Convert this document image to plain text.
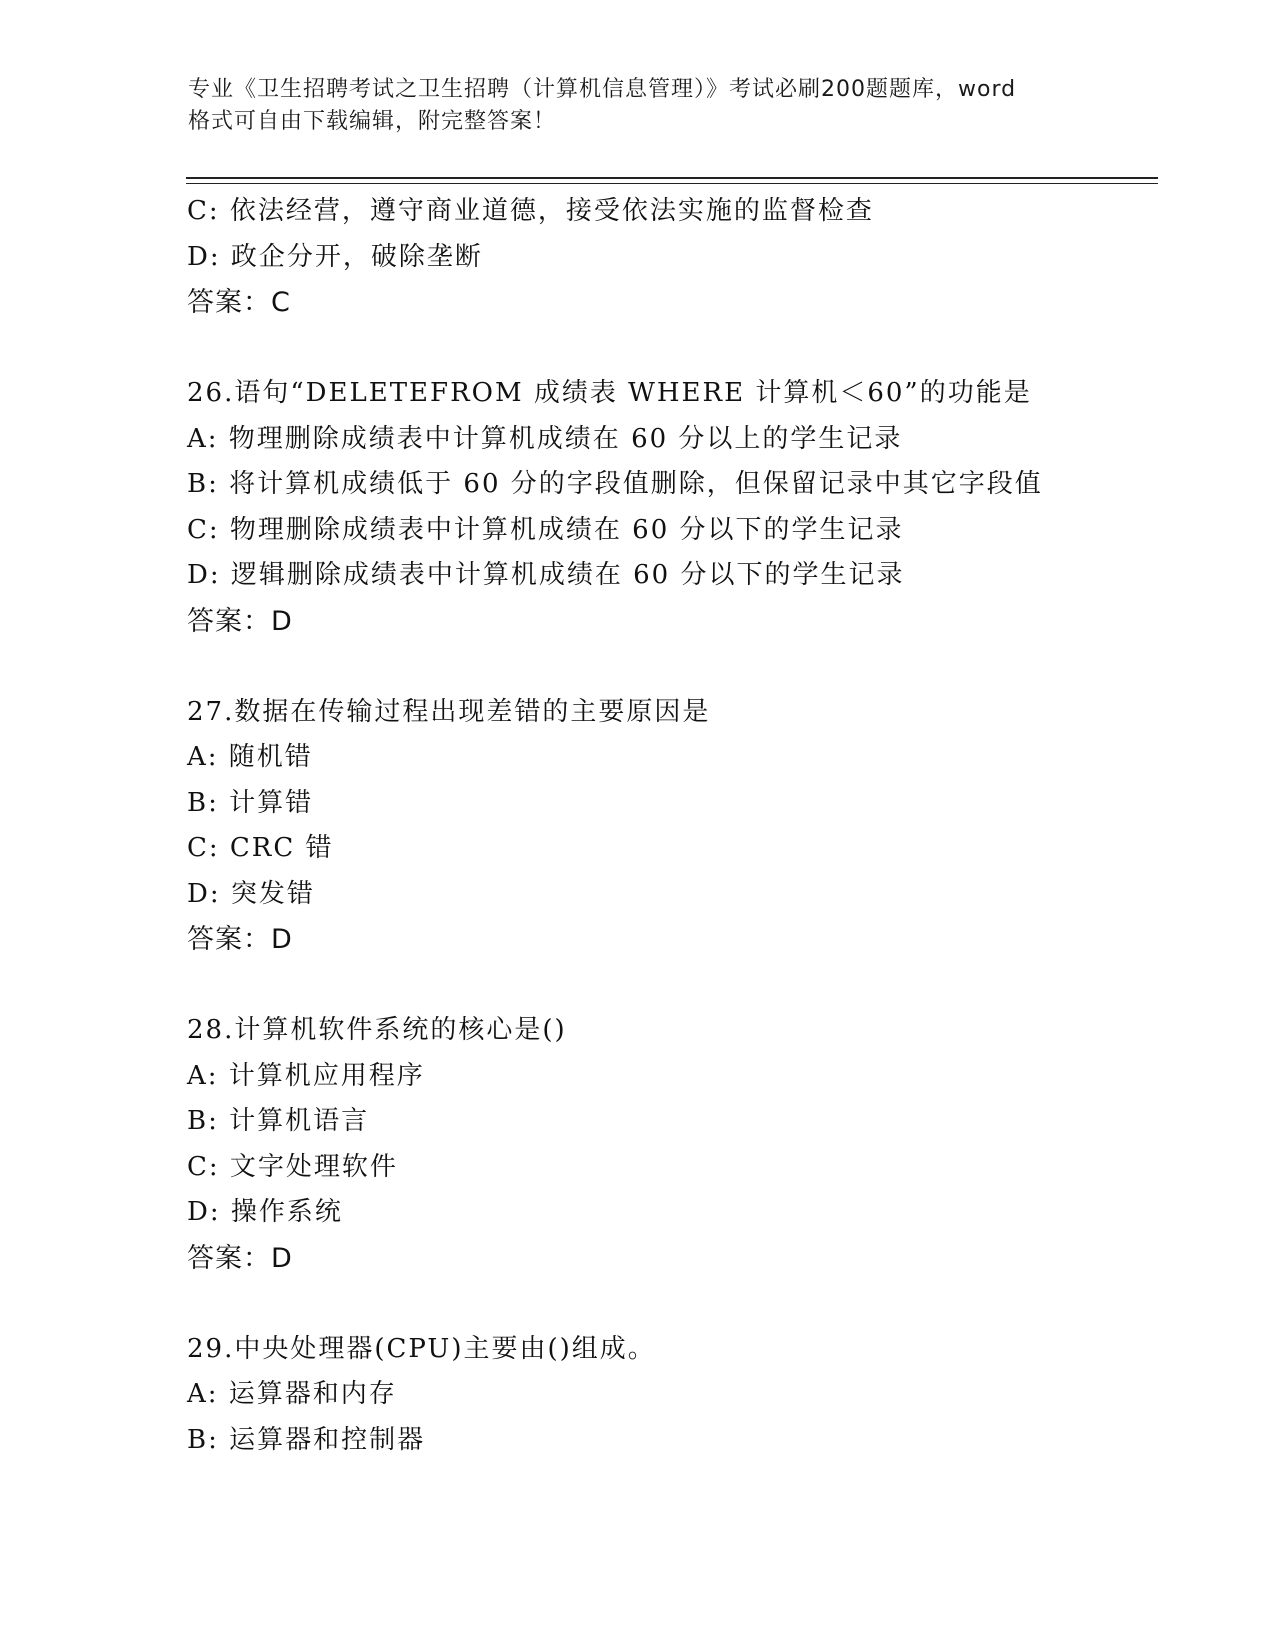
专业《卫生招聘考试之卫生招聘（计算机信息管理）》考试必刷200题题库，word
格式可自由下载编辑，附完整答案！
C: 依法经营，遵守商业道德，接受依法实施的监督检查
D: 政企分开，破除垄断
答案：C
26.语句“DELETEFROM 成绩表 WHERE 计算机＜60”的功能是
A: 物理删除成绩表中计算机成绩在 60 分以上的学生记录
B: 将计算机成绩低于 60 分的字段值删除，但保留记录中其它字段值
C: 物理删除成绩表中计算机成绩在 60 分以下的学生记录
D: 逻辑删除成绩表中计算机成绩在 60 分以下的学生记录
答案：D
27.数据在传输过程出现差错的主要原因是
A: 随机错
B: 计算错
C: CRC 错
D: 突发错
答案：D
28.计算机软件系统的核心是()
A: 计算机应用程序
B: 计算机语言
C: 文字处理软件
D: 操作系统
答案：D
29.中央处理器(CPU)主要由()组成。
A: 运算器和内存
B: 运算器和控制器
